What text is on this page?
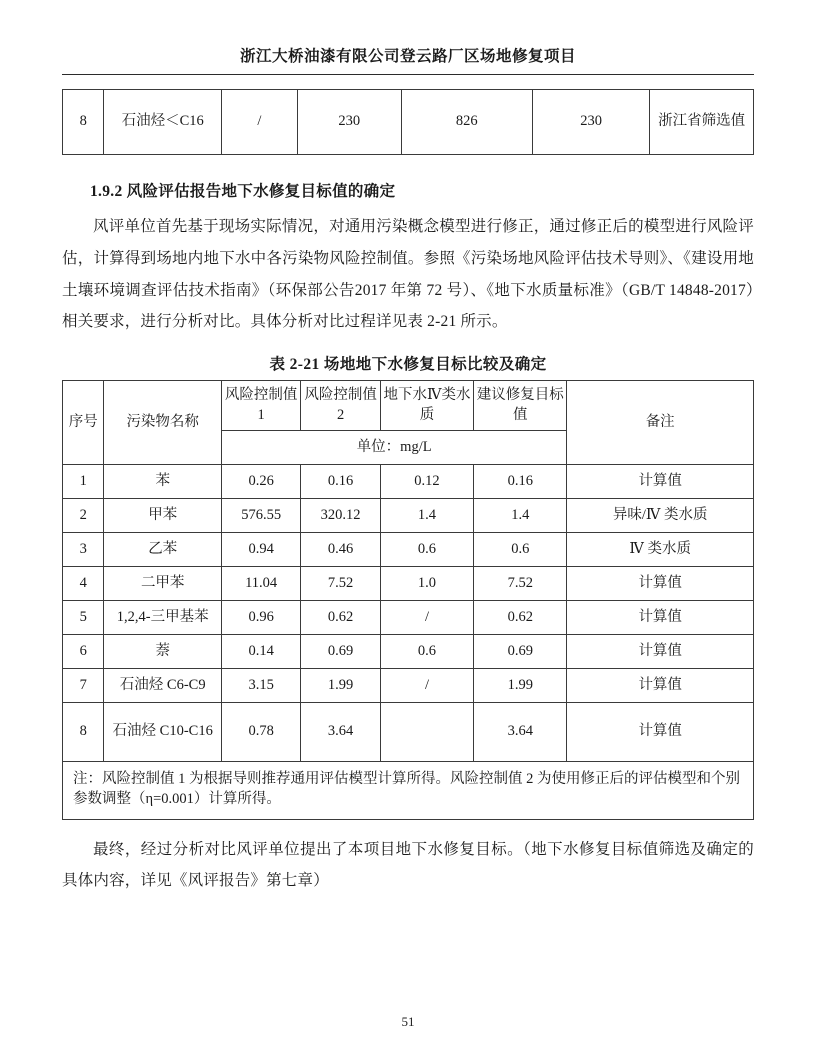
浙江大桥油漆有限公司登云路厂区场地修复项目
8	石油烃＜C16	/	230	826	230	浙江省筛选值
1.9.2 风险评估报告地下水修复目标值的确定

风评单位首先基于现场实际情况，对通用污染概念模型进行修正，通过修正后的模型进行风险评估，计算得到场地内地下水中各污染物风险控制值。参照《污染场地风险评估技术导则》、《建设用地土壤环境调查评估技术指南》（环保部公告2017 年第 72 号）、《地下水质量标准》（GB/T 14848-2017）相关要求，进行分析对比。具体分析对比过程详见表 2-21 所示。

表 2-21 场地地下水修复目标比较及确定
序号	污染物名称	风险控制值 1	风险控制值 2	地下水Ⅳ类水质	建议修复目标值	备注
		单位：mg/L				
1	苯	0.26	0.16	0.12	0.16	计算值
2	甲苯	576.55	320.12	1.4	1.4	异味/Ⅳ 类水质
3	乙苯	0.94	0.46	0.6	0.6	Ⅳ 类水质
4	二甲苯	11.04	7.52	1.0	7.52	计算值
5	1,2,4-三甲基苯	0.96	0.62	/	0.62	计算值
6	萘	0.14	0.69	0.6	0.69	计算值
7	石油烃 C6-C9	3.15	1.99	/	1.99	计算值
8	石油烃 C10-C16	0.78	3.64		3.64	计算值
注：风险控制值 1 为根据导则推荐通用评估模型计算所得。风险控制值 2 为使用修正后的评估模型和个别参数调整（η=0.001）计算所得。						

最终，经过分析对比风评单位提出了本项目地下水修复目标。（地下水修复目标值筛选及确定的具体内容，详见《风评报告》第七章）

51
